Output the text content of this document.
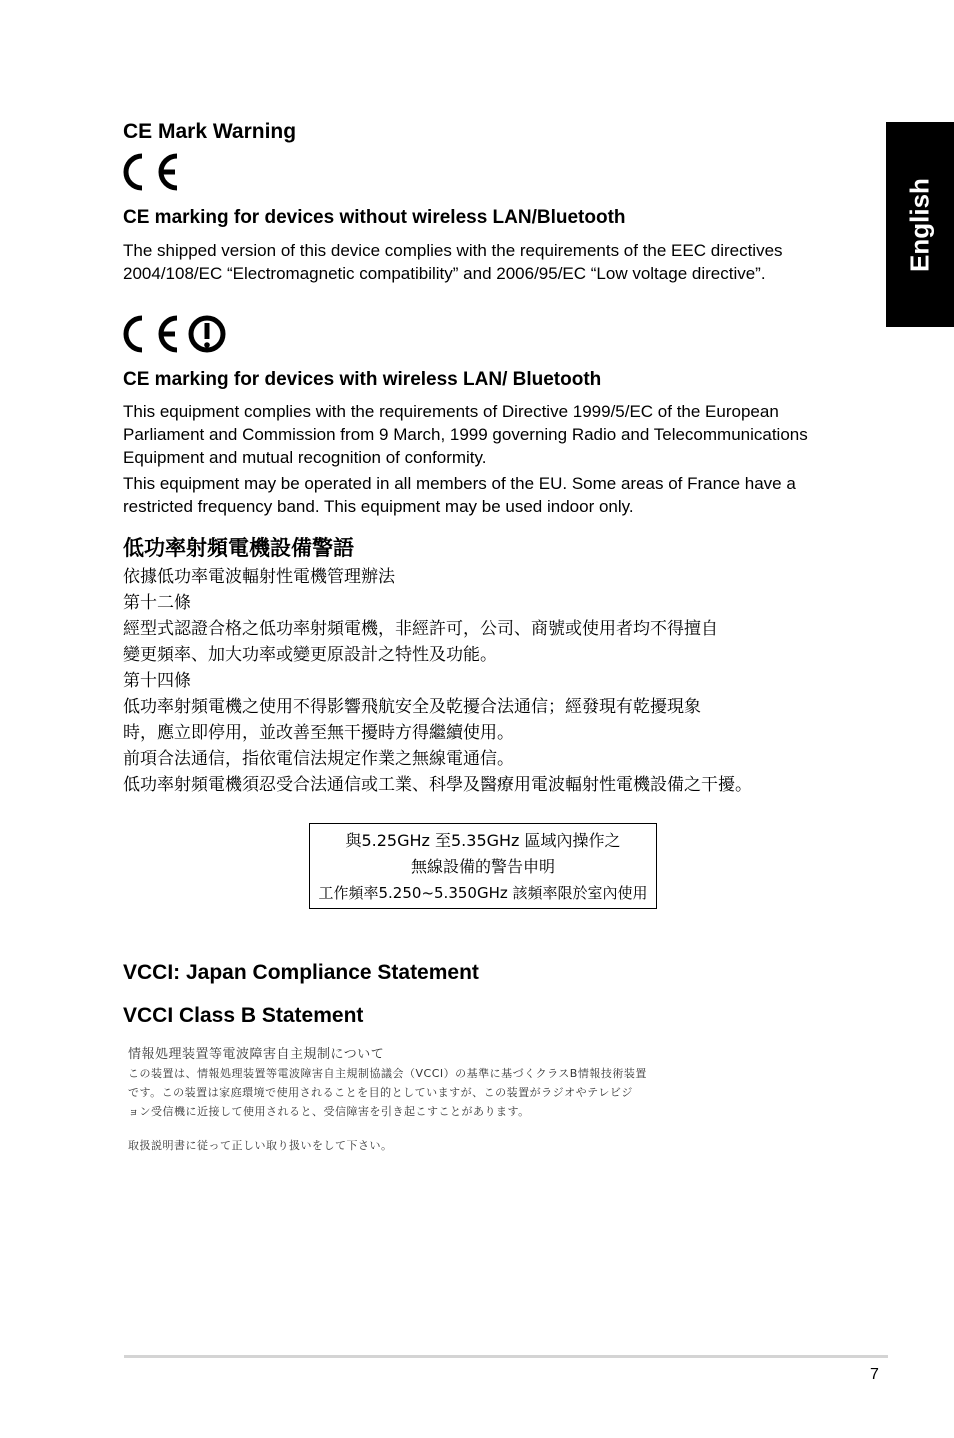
English
CE Mark Warning
CE marking for devices without wireless LAN/Bluetooth
The shipped version of this device complies with the requirements of the EEC directives
2004/108/EC “Electromagnetic compatibility” and 2006/95/EC “Low voltage directive”.
CE marking for devices with wireless LAN/ Bluetooth
This equipment complies with the requirements of Directive 1999/5/EC of the European
Parliament and Commission from 9 March, 1999 governing Radio and Telecommunications
Equipment and mutual recognition of conformity.
This equipment may be operated in all members of the EU. Some areas of France have a
restricted frequency band. This equipment may be used indoor only.
低功率射頻電機設備警語
依據低功率電波輻射性電機管理辦法
第十二條
經型式認證合格之低功率射頻電機，非經許可，公司、商號或使用者均不得擅自
變更頻率、加大功率或變更原設計之特性及功能。
第十四條
低功率射頻電機之使用不得影響飛航安全及乾擾合法通信；經發現有乾擾現象
時，應立即停用，並改善至無干擾時方得繼續使用。
前項合法通信，指依電信法規定作業之無線電通信。
低功率射頻電機須忍受合法通信或工業、科學及醫療用電波輻射性電機設備之干擾。
與5.25GHz 至5.35GHz 區域內操作之
無線設備的警告申明
工作頻率5.250~5.350GHz 該頻率限於室內使用
VCCI: Japan Compliance Statement
VCCI Class B Statement
情報処理装置等電波障害自主規制について
この装置は、情報処理装置等電波障害自主規制協議会（VCCI）の基準に基づくクラスB情報技術装置
です。この装置は家庭環境で使用されることを目的としていますが、この装置がラジオやテレビジ
ョン受信機に近接して使用されると、受信障害を引き起こすことがあります。
取扱説明書に従って正しい取り扱いをして下さい。
7
